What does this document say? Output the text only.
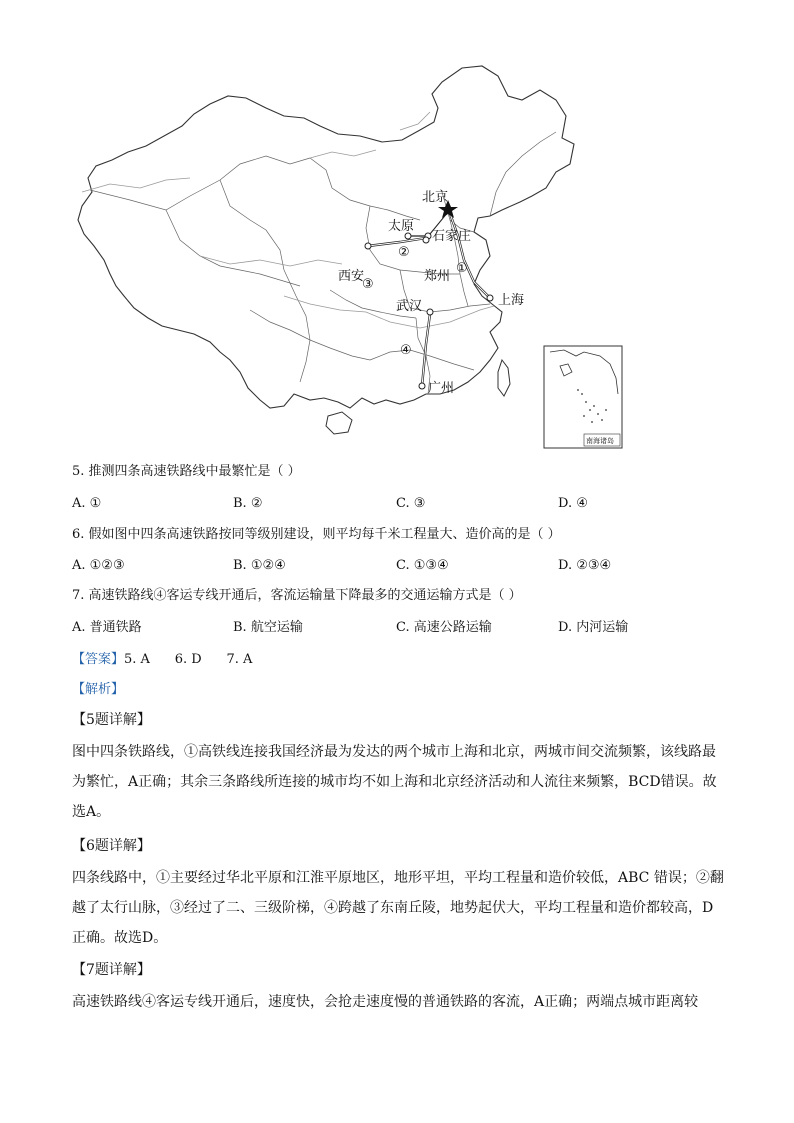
北京
太原
石家庄
西安	郑州
武汉	上海
广州
①
②
③
④
南海诸岛
5. 推测四条高速铁路线中最繁忙是（ ）
A. ①	B. ②	C. ③	D. ④
6. 假如图中四条高速铁路按同等级别建设，则平均每千米工程量大、造价高的是（ ）
A. ①②③	B. ①②④	C. ①③④	D. ②③④
7. 高速铁路线④客运专线开通后，客流运输量下降最多的交通运输方式是（ ）
A. 普通铁路	B. 航空运输	C. 高速公路运输	D. 内河运输
【答案】5. A      6. D      7. A
【解析】
【5题详解】
图中四条铁路线，①高铁线连接我国经济最为发达的两个城市上海和北京，两城市间交流频繁，该线路最为繁忙，A正确；其余三条路线所连接的城市均不如上海和北京经济活动和人流往来频繁，BCD错误。故选A。
【6题详解】
四条线路中，①主要经过华北平原和江淮平原地区，地形平坦，平均工程量和造价较低，ABC 错误；②翻越了太行山脉，③经过了二、三级阶梯，④跨越了东南丘陵，地势起伏大，平均工程量和造价都较高，D正确。故选D。
【7题详解】
高速铁路线④客运专线开通后，速度快，会抢走速度慢的普通铁路的客流，A正确；两端点城市距离较
